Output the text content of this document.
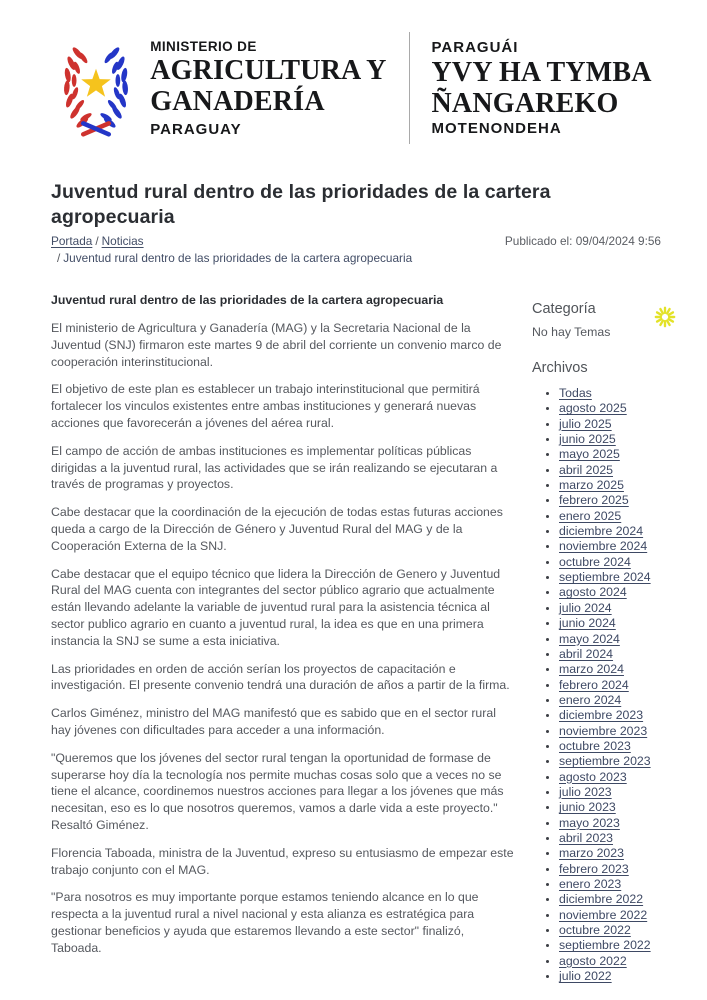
MINISTERIO DE
AGRICULTURA Y
GANADERÍA
PARAGUAY
PARAGUÁI
YVY HA TYMBA
ÑANGAREKO
MOTENONDEHA
Juventud rural dentro de las prioridades de la cartera agropecuaria
Portada / Noticias
/ Juventud rural dentro de las prioridades de la cartera agropecuaria
Publicado el: 09/04/2024 9:56
Juventud rural dentro de las prioridades de la cartera agropecuaria

El ministerio de Agricultura y Ganadería (MAG) y la Secretaria Nacional de la Juventud (SNJ) firmaron este martes 9 de abril del corriente un convenio marco de cooperación interinstitucional.

El objetivo de este plan es establecer un trabajo interinstitucional que permitirá fortalecer los vinculos existentes entre ambas instituciones y generará nuevas acciones que favorecerán a jóvenes del aérea rural.

El campo de acción de ambas instituciones es implementar políticas públicas dirigidas a la juventud rural, las actividades que se irán realizando se ejecutaran a través de programas y proyectos.

Cabe destacar que la coordinación de la ejecución de todas estas futuras acciones queda a cargo de la Dirección de Género y Juventud Rural del MAG y de la Cooperación Externa de la SNJ.

Cabe destacar que el equipo técnico que lidera la Dirección de Genero y Juventud Rural del MAG cuenta con integrantes del sector público agrario que actualmente están llevando adelante la variable de juventud rural para la asistencia técnica al sector publico agrario en cuanto a juventud rural, la idea es que en una primera instancia la SNJ se sume a esta iniciativa.

Las prioridades en orden de acción serían los proyectos de capacitación e investigación. El presente convenio tendrá una duración de años a partir de la firma.

Carlos Giménez, ministro del MAG manifestó que es sabido que en el sector rural hay jóvenes con dificultades para acceder a una información.

"Queremos que los jóvenes del sector rural tengan la oportunidad de formase de superarse hoy día la tecnología nos permite muchas cosas solo que a veces no se tiene el alcance, coordinemos nuestros acciones para llegar a los jóvenes que más necesitan, eso es lo que nosotros queremos, vamos a darle vida a este proyecto." Resaltó Giménez.

Florencia Taboada, ministra de la Juventud, expreso su entusiasmo de empezar este trabajo conjunto con el MAG.

"Para nosotros es muy importante porque estamos teniendo alcance en lo que respecta a la juventud rural a nivel nacional y esta alianza es estratégica para gestionar beneficios y ayuda que estaremos llevando a este sector" finalizó, Taboada.

Categoría
No hay Temas
Archivos
• Todas
• agosto 2025
• julio 2025
• junio 2025
• mayo 2025
• abril 2025
• marzo 2025
• febrero 2025
• enero 2025
• diciembre 2024
• noviembre 2024
• octubre 2024
• septiembre 2024
• agosto 2024
• julio 2024
• junio 2024
• mayo 2024
• abril 2024
• marzo 2024
• febrero 2024
• enero 2024
• diciembre 2023
• noviembre 2023
• octubre 2023
• septiembre 2023
• agosto 2023
• julio 2023
• junio 2023
• mayo 2023
• abril 2023
• marzo 2023
• febrero 2023
• enero 2023
• diciembre 2022
• noviembre 2022
• octubre 2022
• septiembre 2022
• agosto 2022
• julio 2022
